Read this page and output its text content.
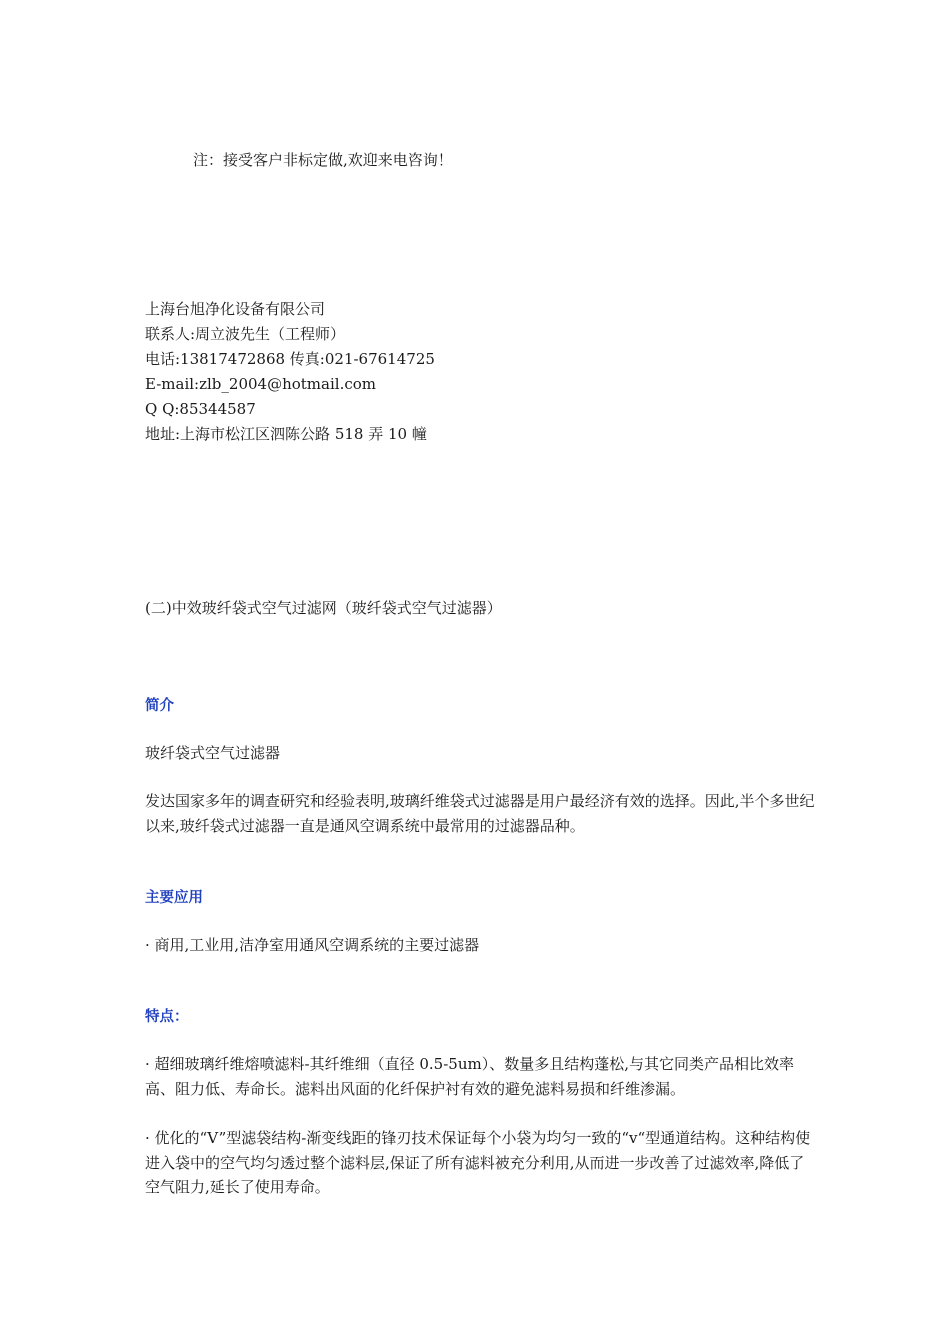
注：接受客户非标定做,欢迎来电咨询！
上海台旭净化设备有限公司
联系人:周立波先生（工程师）
电话:13817472868 传真:021-67614725
E-mail:zlb_2004@hotmail.com
Q Q:85344587
地址:上海市松江区泗陈公路 518 弄 10 幢
(二)中效玻纤袋式空气过滤网（玻纤袋式空气过滤器）
简介
玻纤袋式空气过滤器
发达国家多年的调查研究和经验表明,玻璃纤维袋式过滤器是用户最经济有效的选择。因此,半个多世纪以来,玻纤袋式过滤器一直是通风空调系统中最常用的过滤器品种。
主要应用
· 商用,工业用,洁净室用通风空调系统的主要过滤器
特点：
· 超细玻璃纤维熔喷滤料-其纤维细（直径 0.5-5um）、数量多且结构蓬松,与其它同类产品相比效率高、阻力低、寿命长。滤料出风面的化纤保护衬有效的避免滤料易损和纤维渗漏。
· 优化的“V”型滤袋结构-渐变线距的锋刃技术保证每个小袋为均匀一致的“v“型通道结构。这种结构使进入袋中的空气均匀透过整个滤料层,保证了所有滤料被充分利用,从而进一步改善了过滤效率,降低了空气阻力,延长了使用寿命。
